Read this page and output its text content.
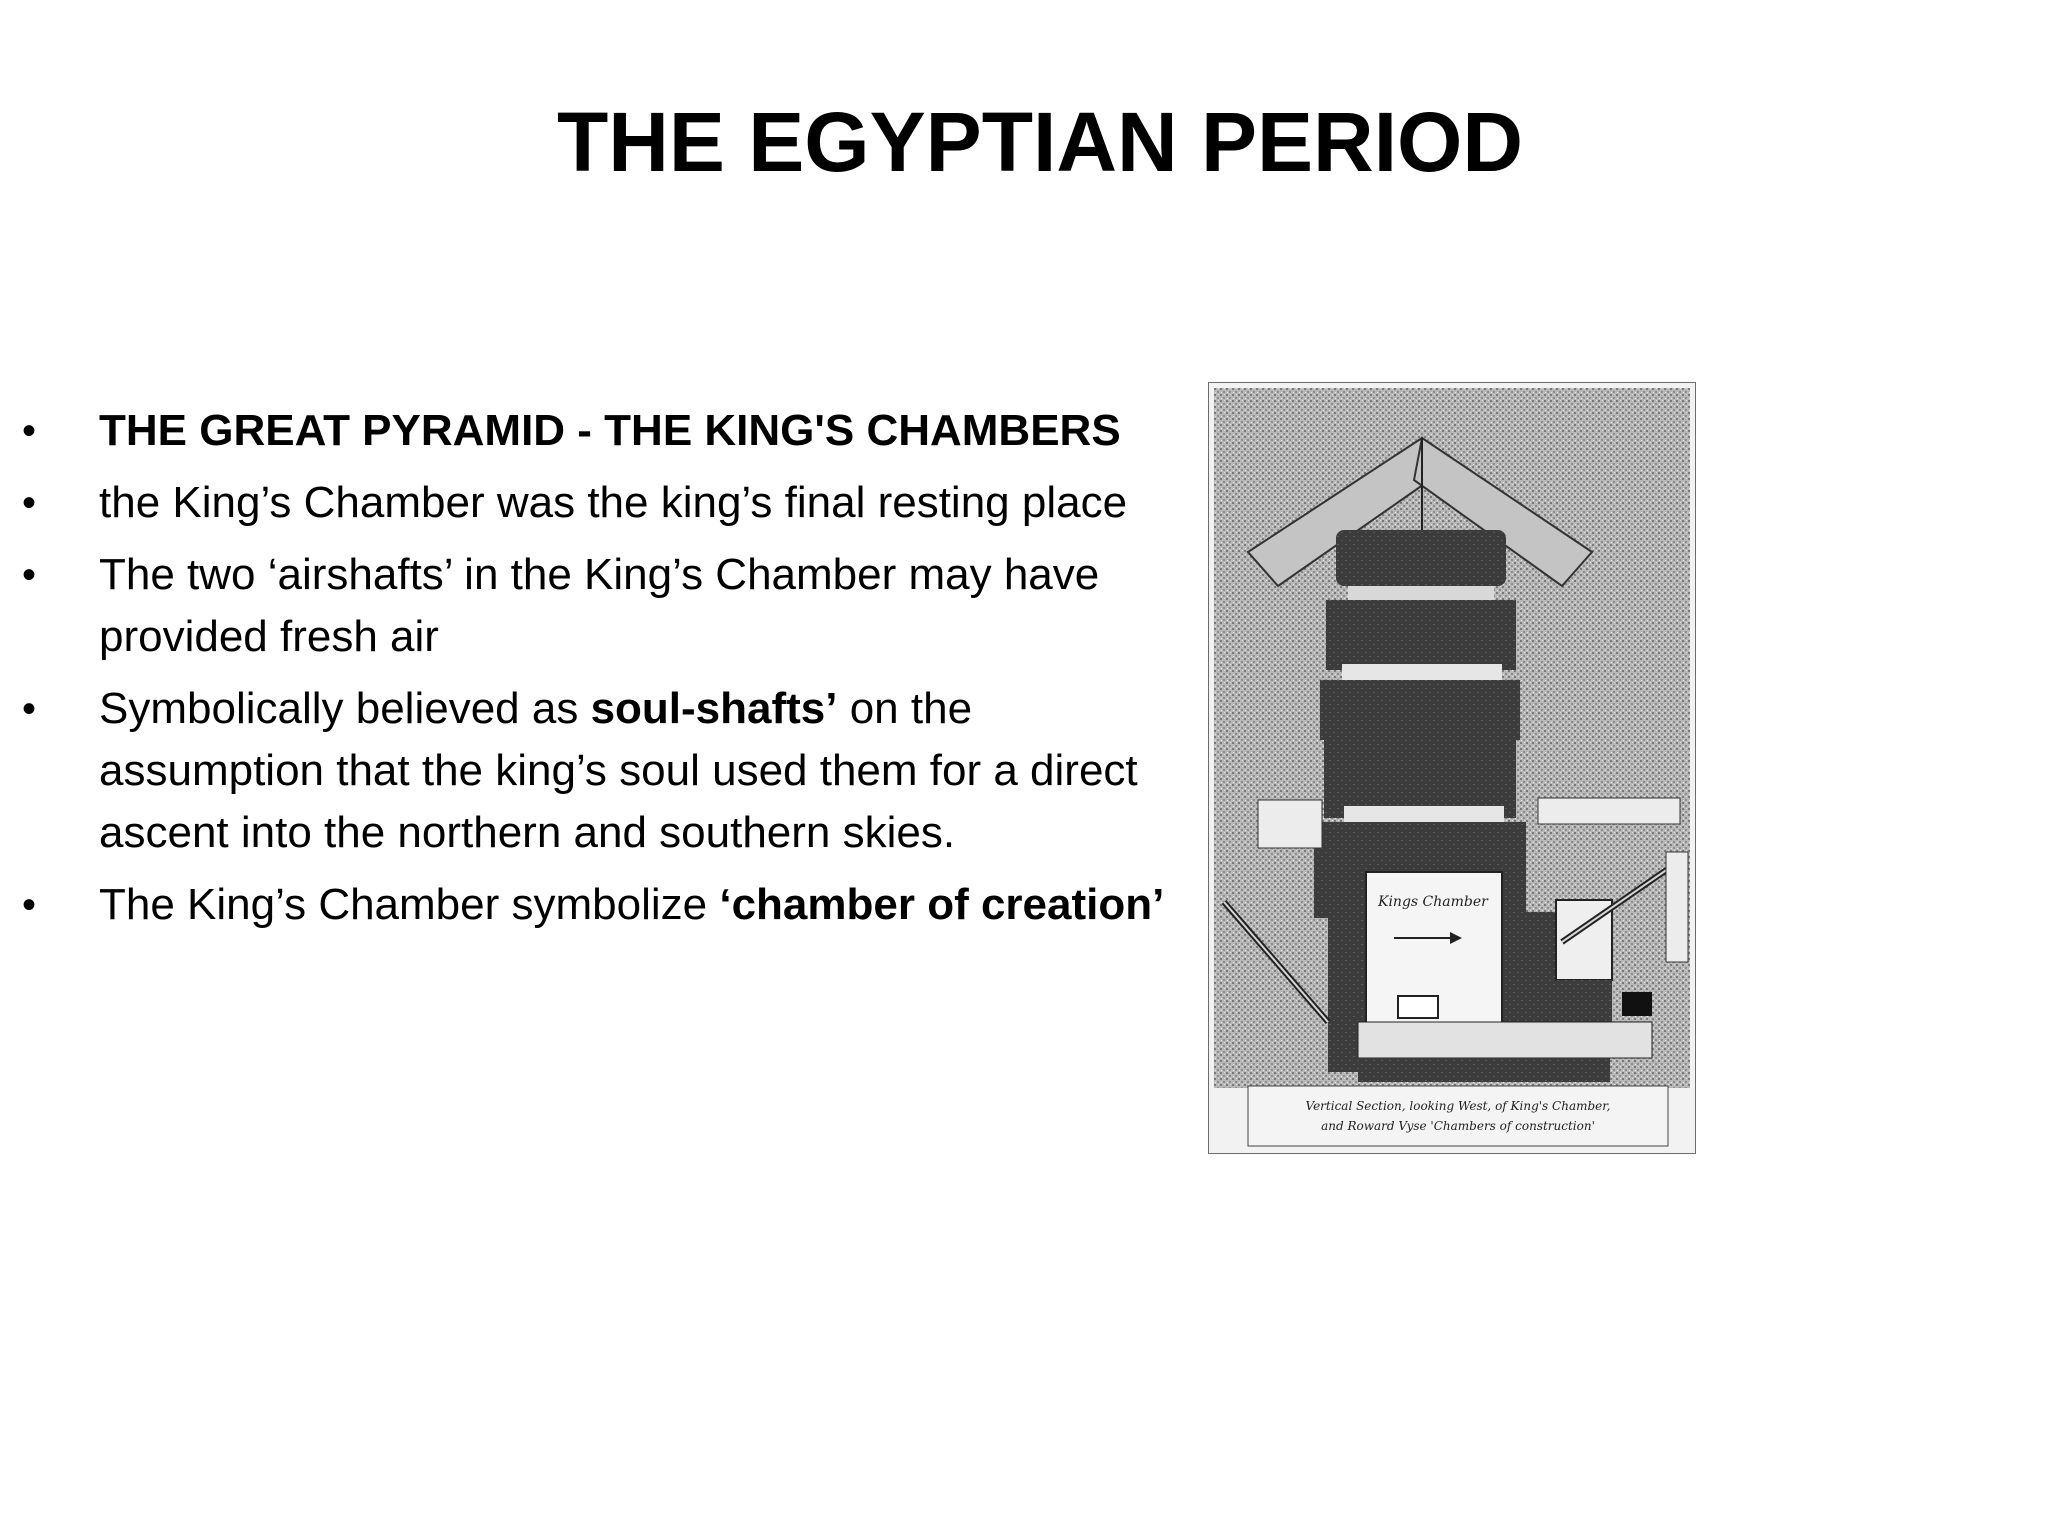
THE EGYPTIAN PERIOD
• THE GREAT PYRAMID - THE KING'S CHAMBERS
• the King’s Chamber was the king’s final resting place
• The two ‘airshafts’ in the King’s Chamber may have provided fresh air
• Symbolically believed as soul-shafts’ on the assumption that the king’s soul used them for a direct ascent into the northern and southern skies.
• The King’s Chamber symbolize ‘chamber of creation’	Kings Chamber
Vertical Section, looking West, of King's Chamber,
and Roward Vyse 'Chambers of construction'
